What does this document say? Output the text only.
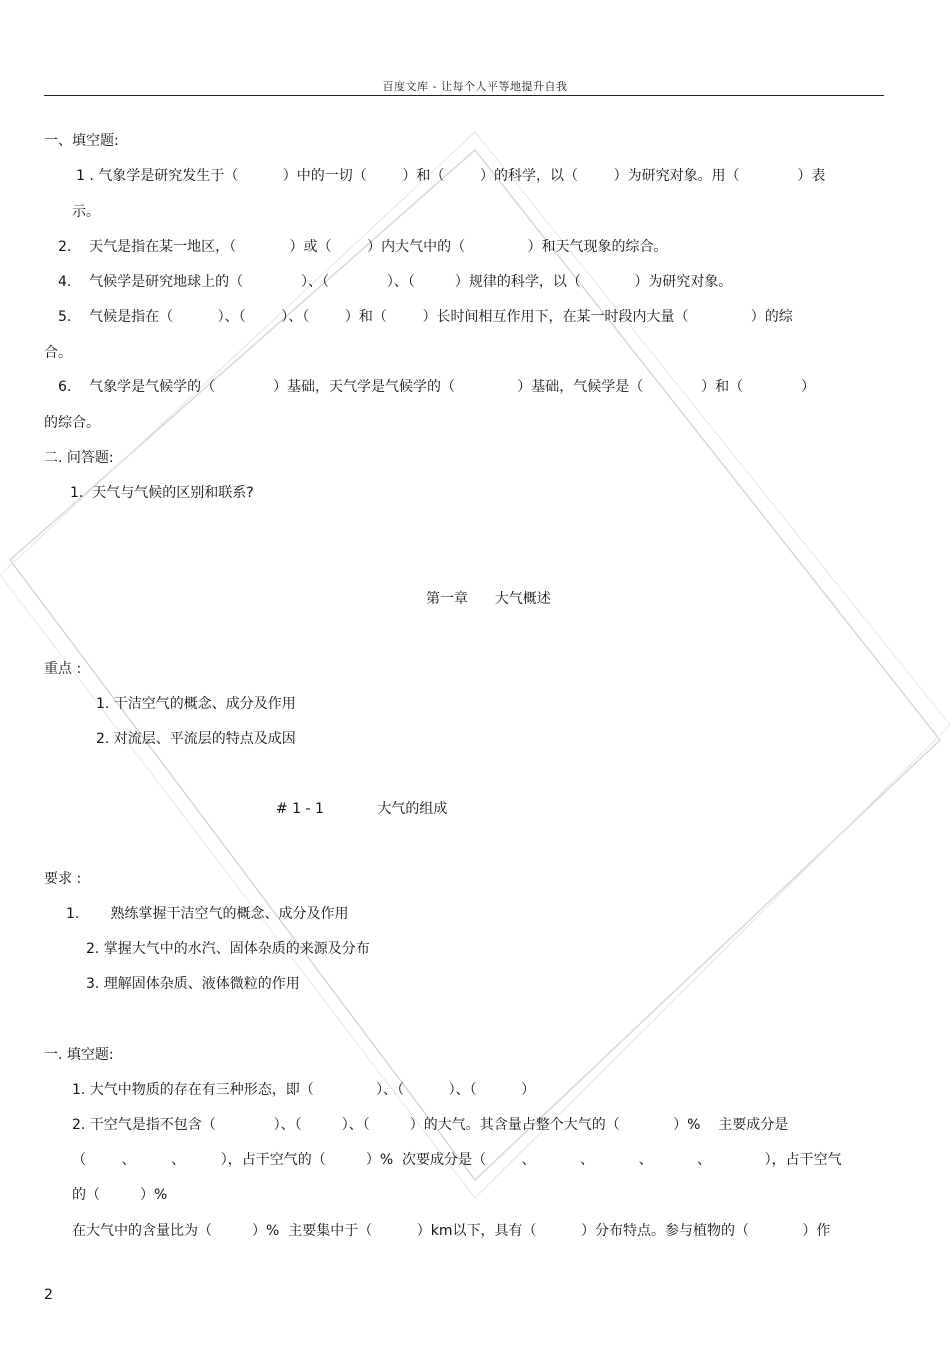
百度文库 - 让每个人平等地提升自我
一、填空题:
1 . 气象学是研究发生于（          ）中的一切（        ）和（        ）的科学，以（        ）为研究对象。用（             ）表
示。
2.    天气是指在某一地区，（            ）或（        ）内大气中的（              ）和天气现象的综合。
4.    气候学是研究地球上的（             ）、（             ）、（         ）规律的科学，以（            ）为研究对象。
5.    气候是指在（          ）、（        ）、（        ）和（        ）长时间相互作用下，在某一时段内大量（              ）的综
合。
6.    气象学是气候学的（             ）基础，天气学是气候学的（              ）基础，气候学是（             ）和（             ）
的综合。
二. 问答题:
1.  天气与气候的区别和联系?
第一章      大气概述
重点 :
1. 干洁空气的概念、成分及作用
2. 对流层、平流层的特点及成因
# 1 - 1            大气的组成
要求 :
1.       熟练掌握干洁空气的概念、成分及作用
2. 掌握大气中的水汽、固体杂质的来源及分布
3. 理解固体杂质、液体微粒的作用
一. 填空题:
1. 大气中物质的存在有三种形态，即（              ）、（          ）、（          ）
2. 干空气是指不包含（             ）、（         ）、（         ）的大气。其含量占整个大气的（            ）%    主要成分是
（        、        、        ），占干空气的（         ）%  次要成分是（        、          、          、          、            ），占干空气
的（         ）%
在大气中的含量比为（         ）%  主要集中于（          ）km以下，具有（          ）分布特点。参与植物的（            ）作
2
